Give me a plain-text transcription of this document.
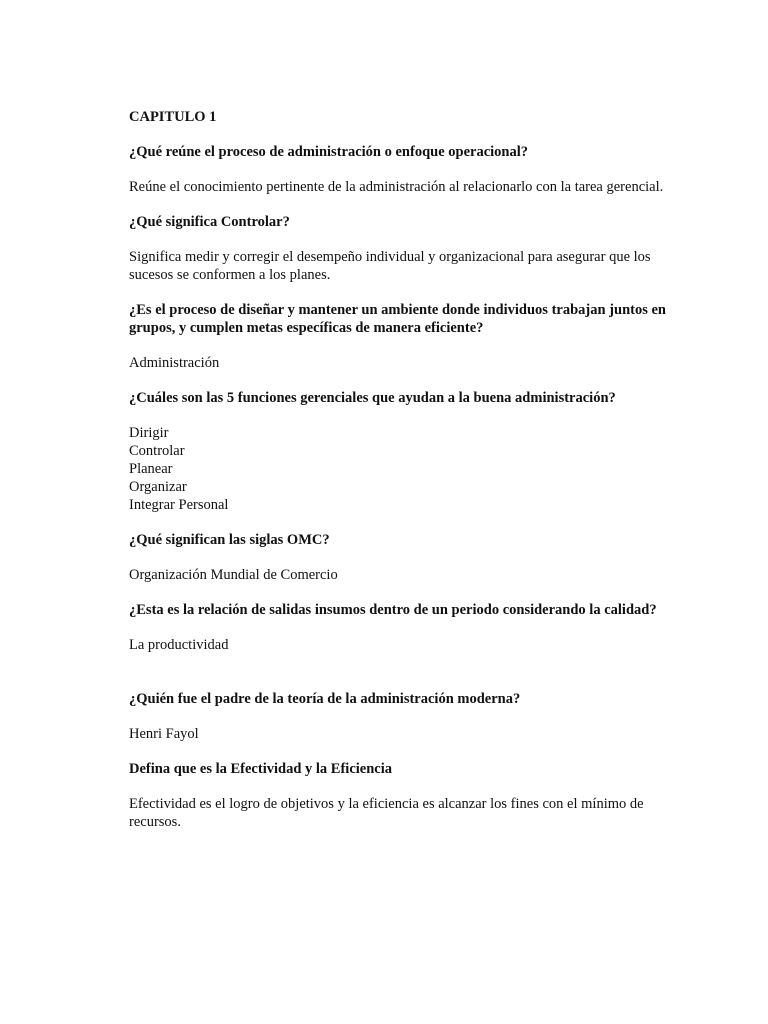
CAPITULO 1

¿Qué reúne el proceso de administración o enfoque operacional?

Reúne el conocimiento pertinente de la administración al relacionarlo con la tarea gerencial.

¿Qué significa Controlar?

Significa medir y corregir el desempeño individual y organizacional para asegurar que los sucesos se conformen a los planes.

¿Es el proceso de diseñar y mantener un ambiente donde individuos trabajan juntos en grupos, y cumplen metas específicas de manera eficiente?

Administración

¿Cuáles son las 5 funciones gerenciales que ayudan a la buena administración?

Dirigir
Controlar
Planear
Organizar
Integrar Personal

¿Qué significan las siglas OMC?

Organización Mundial de Comercio

¿Esta es la relación de salidas insumos dentro de un periodo considerando la calidad?

La productividad

¿Quién fue el padre de la teoría de la administración moderna?

Henri Fayol

Defina que es la Efectividad y la Eficiencia

Efectividad es el logro de objetivos y la eficiencia es alcanzar los fines con el mínimo de recursos.
